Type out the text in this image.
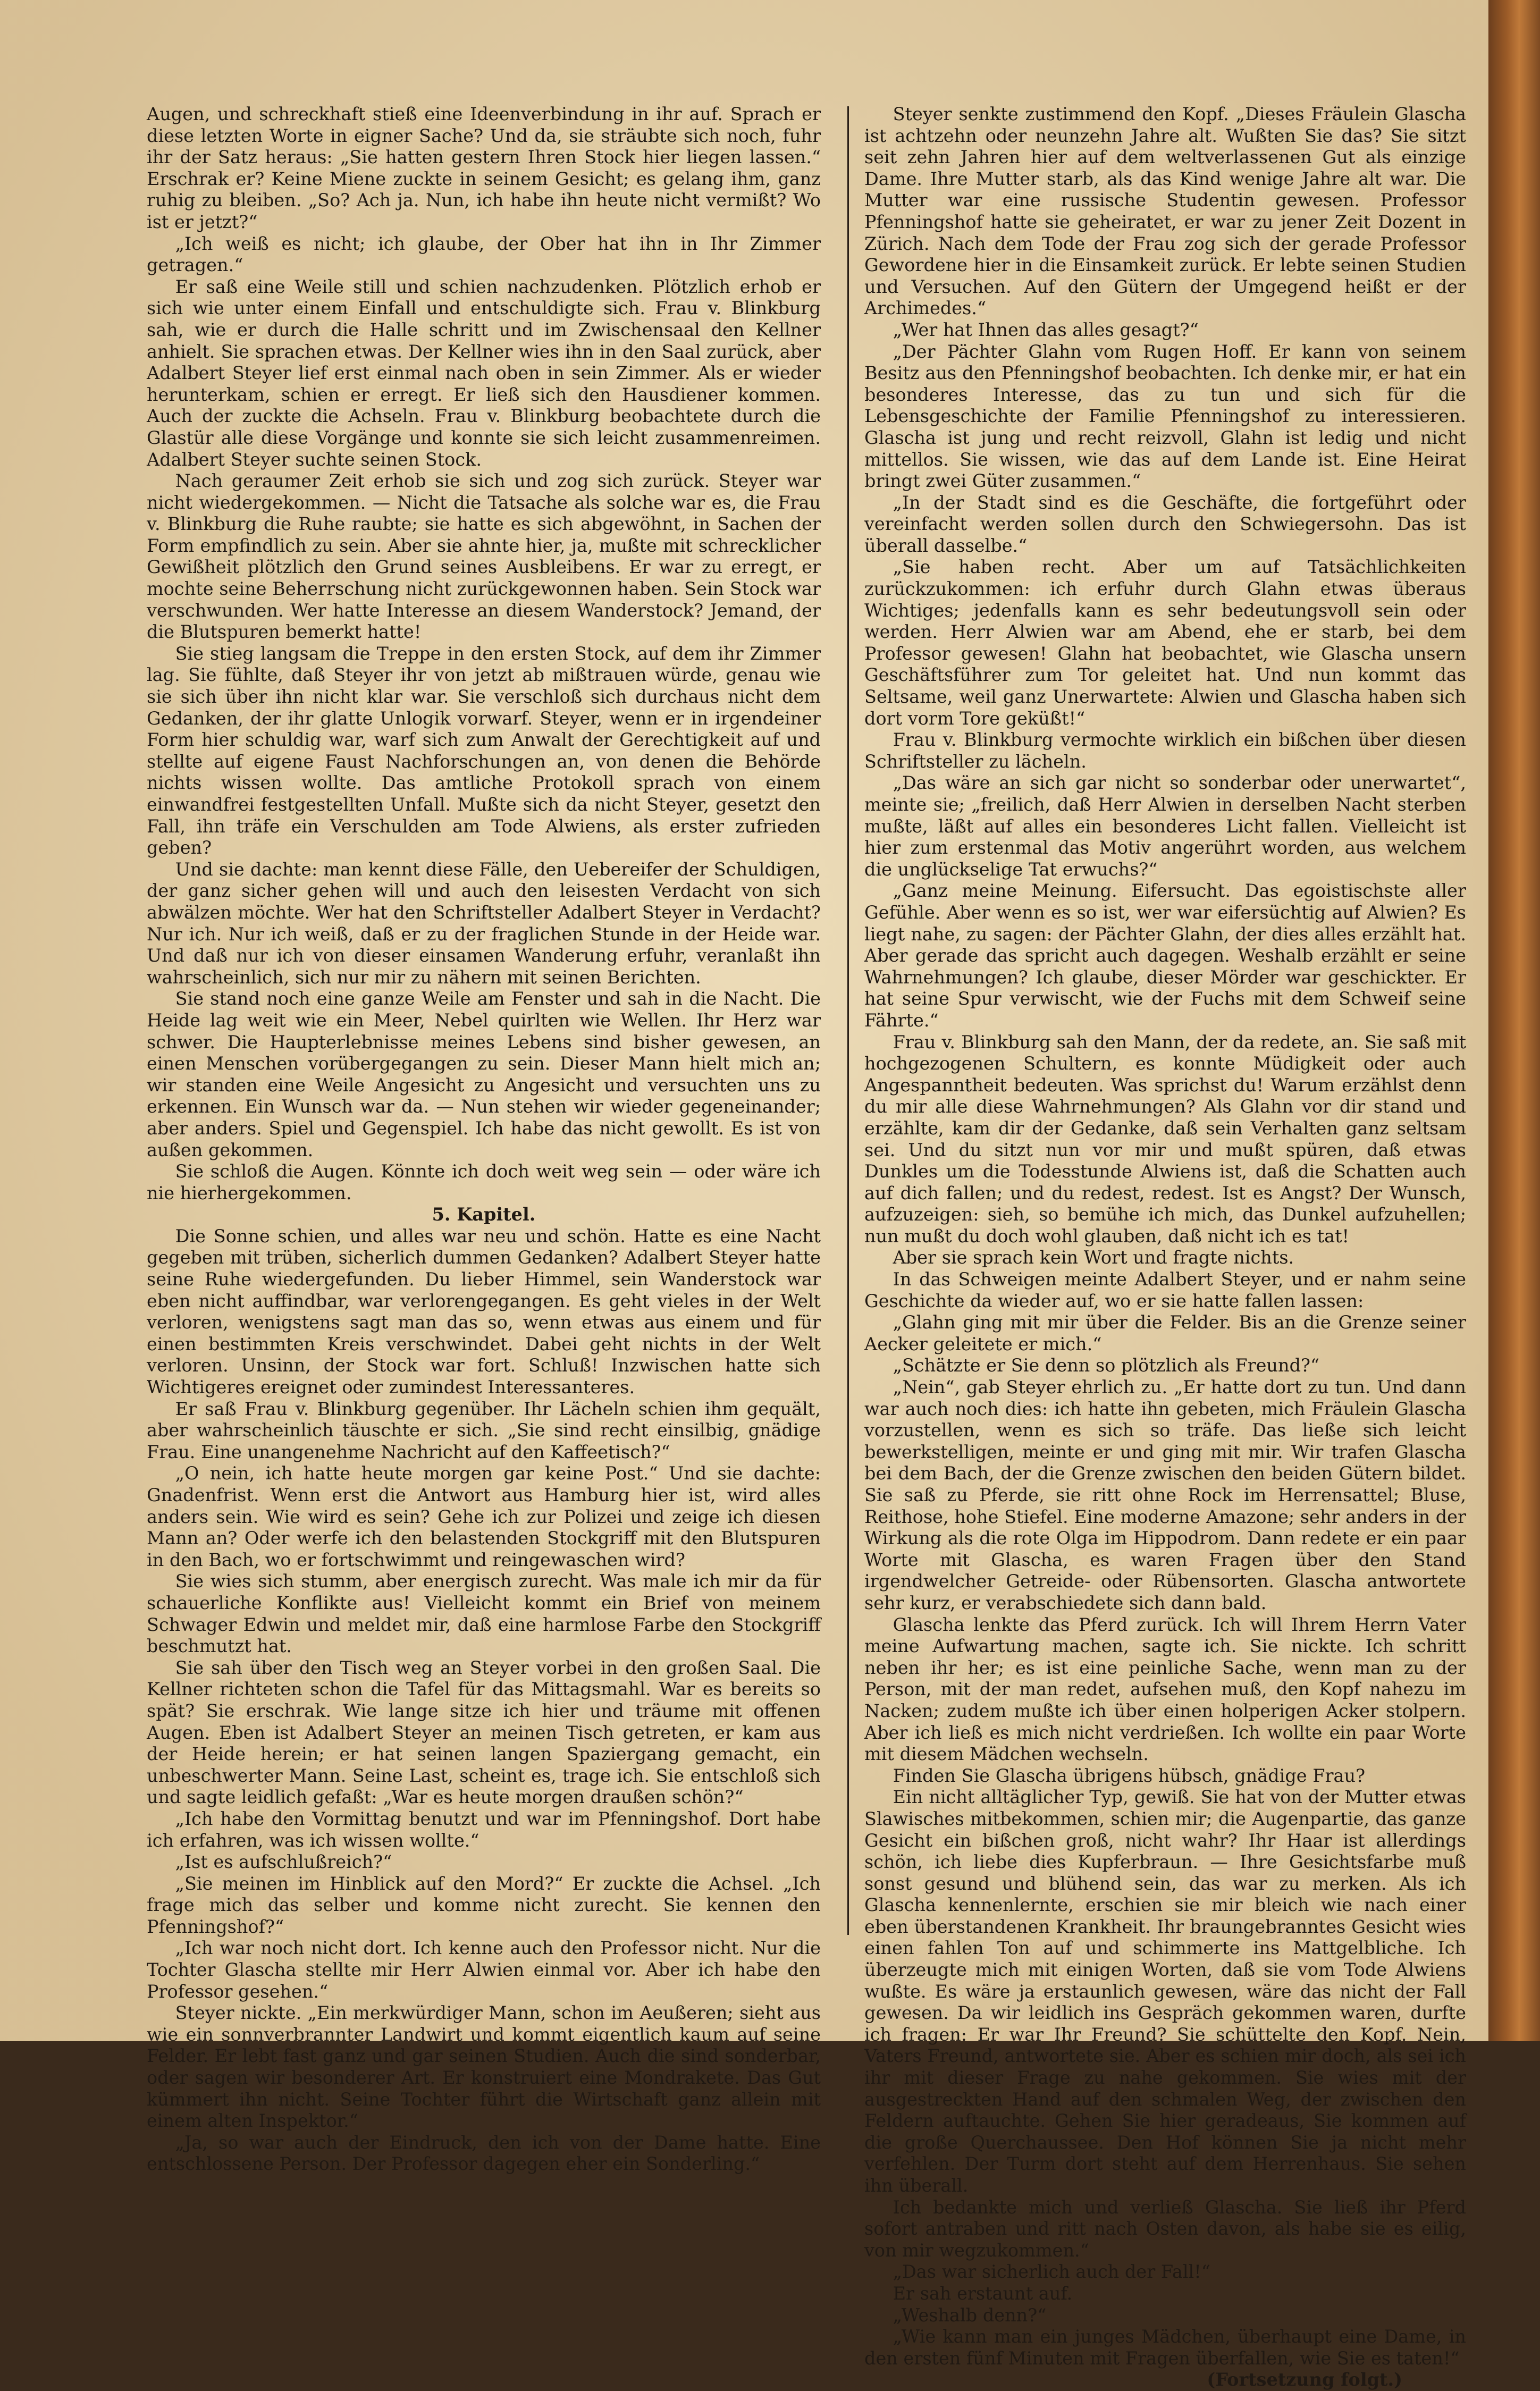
Augen, und schreckhaft stieß eine Ideenverbindung in ihr auf. Sprach er diese letzten Worte in eigner Sache? Und da, sie sträubte sich noch, fuhr ihr der Satz heraus: „Sie hatten gestern Ihren Stock hier liegen lassen.“ Erschrak er? Keine Miene zuckte in seinem Gesicht; es gelang ihm, ganz ruhig zu bleiben. „So? Ach ja. Nun, ich habe ihn heute nicht vermißt? Wo ist er jetzt?“

„Ich weiß es nicht; ich glaube, der Ober hat ihn in Ihr Zimmer getragen.“

Er saß eine Weile still und schien nachzudenken. Plötzlich erhob er sich wie unter einem Einfall und entschuldigte sich. Frau v. Blinkburg sah, wie er durch die Halle schritt und im Zwischensaal den Kellner anhielt. Sie sprachen etwas. Der Kellner wies ihn in den Saal zurück, aber Adalbert Steyer lief erst einmal nach oben in sein Zimmer. Als er wieder herunterkam, schien er erregt. Er ließ sich den Hausdiener kommen. Auch der zuckte die Achseln. Frau v. Blinkburg beobachtete durch die Glastür alle diese Vorgänge und konnte sie sich leicht zusammenreimen. Adalbert Steyer suchte seinen Stock.

Nach geraumer Zeit erhob sie sich und zog sich zurück. Steyer war nicht wiedergekommen. — Nicht die Tatsache als solche war es, die Frau v. Blinkburg die Ruhe raubte; sie hatte es sich abgewöhnt, in Sachen der Form empfindlich zu sein. Aber sie ahnte hier, ja, mußte mit schrecklicher Gewißheit plötzlich den Grund seines Ausbleibens. Er war zu erregt, er mochte seine Beherrschung nicht zurückgewonnen haben. Sein Stock war verschwunden. Wer hatte Interesse an diesem Wanderstock? Jemand, der die Blutspuren bemerkt hatte!

Sie stieg langsam die Treppe in den ersten Stock, auf dem ihr Zimmer lag. Sie fühlte, daß Steyer ihr von jetzt ab mißtrauen würde, genau wie sie sich über ihn nicht klar war. Sie verschloß sich durchaus nicht dem Gedanken, der ihr glatte Unlogik vorwarf. Steyer, wenn er in irgendeiner Form hier schuldig war, warf sich zum Anwalt der Gerechtigkeit auf und stellte auf eigene Faust Nachforschungen an, von denen die Behörde nichts wissen wollte. Das amtliche Protokoll sprach von einem einwandfrei festgestellten Unfall. Mußte sich da nicht Steyer, gesetzt den Fall, ihn träfe ein Verschulden am Tode Alwiens, als erster zufrieden geben?

Und sie dachte: man kennt diese Fälle, den Uebereifer der Schuldigen, der ganz sicher gehen will und auch den leisesten Verdacht von sich abwälzen möchte. Wer hat den Schriftsteller Adalbert Steyer in Verdacht? Nur ich. Nur ich weiß, daß er zu der fraglichen Stunde in der Heide war. Und daß nur ich von dieser einsamen Wanderung erfuhr, veranlaßt ihn wahrscheinlich, sich nur mir zu nähern mit seinen Berichten.

Sie stand noch eine ganze Weile am Fenster und sah in die Nacht. Die Heide lag weit wie ein Meer, Nebel quirlten wie Wellen. Ihr Herz war schwer. Die Haupterlebnisse meines Lebens sind bisher gewesen, an einen Menschen vorübergegangen zu sein. Dieser Mann hielt mich an; wir standen eine Weile Angesicht zu Angesicht und versuchten uns zu erkennen. Ein Wunsch war da. — Nun stehen wir wieder gegeneinander; aber anders. Spiel und Gegenspiel. Ich habe das nicht gewollt. Es ist von außen gekommen.

Sie schloß die Augen. Könnte ich doch weit weg sein — oder wäre ich nie hierhergekommen.

5. Kapitel.

Die Sonne schien, und alles war neu und schön. Hatte es eine Nacht gegeben mit trüben, sicherlich dummen Gedanken? Adalbert Steyer hatte seine Ruhe wiedergefunden. Du lieber Himmel, sein Wanderstock war eben nicht auffindbar, war verlorengegangen. Es geht vieles in der Welt verloren, wenigstens sagt man das so, wenn etwas aus einem und für einen bestimmten Kreis verschwindet. Dabei geht nichts in der Welt verloren. Unsinn, der Stock war fort. Schluß! Inzwischen hatte sich Wichtigeres ereignet oder zumindest Interessanteres.

Er saß Frau v. Blinkburg gegenüber. Ihr Lächeln schien ihm gequält, aber wahrscheinlich täuschte er sich. „Sie sind recht einsilbig, gnädige Frau. Eine unangenehme Nachricht auf den Kaffeetisch?“

„O nein, ich hatte heute morgen gar keine Post.“ Und sie dachte: Gnadenfrist. Wenn erst die Antwort aus Hamburg hier ist, wird alles anders sein. Wie wird es sein? Gehe ich zur Polizei und zeige ich diesen Mann an? Oder werfe ich den belastenden Stockgriff mit den Blutspuren in den Bach, wo er fortschwimmt und reingewaschen wird?

Sie wies sich stumm, aber energisch zurecht. Was male ich mir da für schauerliche Konflikte aus! Vielleicht kommt ein Brief von meinem Schwager Edwin und meldet mir, daß eine harmlose Farbe den Stockgriff beschmutzt hat.

Sie sah über den Tisch weg an Steyer vorbei in den großen Saal. Die Kellner richteten schon die Tafel für das Mittagsmahl. War es bereits so spät? Sie erschrak. Wie lange sitze ich hier und träume mit offenen Augen. Eben ist Adalbert Steyer an meinen Tisch getreten, er kam aus der Heide herein; er hat seinen langen Spaziergang gemacht, ein unbeschwerter Mann. Seine Last, scheint es, trage ich. Sie entschloß sich und sagte leidlich gefaßt: „War es heute morgen draußen schön?“

„Ich habe den Vormittag benutzt und war im Pfenningshof. Dort habe ich erfahren, was ich wissen wollte.“

„Ist es aufschlußreich?“

„Sie meinen im Hinblick auf den Mord?“ Er zuckte die Achsel. „Ich frage mich das selber und komme nicht zurecht. Sie kennen den Pfenningshof?“

„Ich war noch nicht dort. Ich kenne auch den Professor nicht. Nur die Tochter Glascha stellte mir Herr Alwien einmal vor. Aber ich habe den Professor gesehen.“

Steyer nickte. „Ein merkwürdiger Mann, schon im Aeußeren; sieht aus wie ein sonnverbrannter Landwirt und kommt eigentlich kaum auf seine Felder. Er lebt fast ganz und gar seinen Studien. Auch die sind sonderbar, oder sagen wir besonderer Art. Er konstruiert eine Mondrakete. Das Gut kümmert ihn nicht. Seine Tochter führt die Wirtschaft ganz allein mit einem alten Inspektor.“

„Ja, so war auch der Eindruck, den ich von der Dame hatte. Eine entschlossene Person. Der Professor dagegen eher ein Sonderling.“

Steyer senkte zustimmend den Kopf. „Dieses Fräulein Glascha ist achtzehn oder neunzehn Jahre alt. Wußten Sie das? Sie sitzt seit zehn Jahren hier auf dem weltverlassenen Gut als einzige Dame. Ihre Mutter starb, als das Kind wenige Jahre alt war. Die Mutter war eine russische Studentin gewesen. Professor Pfenningshof hatte sie geheiratet, er war zu jener Zeit Dozent in Zürich. Nach dem Tode der Frau zog sich der gerade Professor Gewordene hier in die Einsamkeit zurück. Er lebte seinen Studien und Versuchen. Auf den Gütern der Umgegend heißt er der Archimedes.“

„Wer hat Ihnen das alles gesagt?“

„Der Pächter Glahn vom Rugen Hoff. Er kann von seinem Besitz aus den Pfenningshof beobachten. Ich denke mir, er hat ein besonderes Interesse, das zu tun und sich für die Lebensgeschichte der Familie Pfenningshof zu interessieren. Glascha ist jung und recht reizvoll, Glahn ist ledig und nicht mittellos. Sie wissen, wie das auf dem Lande ist. Eine Heirat bringt zwei Güter zusammen.“

„In der Stadt sind es die Geschäfte, die fortgeführt oder vereinfacht werden sollen durch den Schwiegersohn. Das ist überall dasselbe.“

„Sie haben recht. Aber um auf Tatsächlichkeiten zurückzukommen: ich erfuhr durch Glahn etwas überaus Wichtiges; jedenfalls kann es sehr bedeutungsvoll sein oder werden. Herr Alwien war am Abend, ehe er starb, bei dem Professor gewesen! Glahn hat beobachtet, wie Glascha unsern Geschäftsführer zum Tor geleitet hat. Und nun kommt das Seltsame, weil ganz Unerwartete: Alwien und Glascha haben sich dort vorm Tore geküßt!“

Frau v. Blinkburg vermochte wirklich ein bißchen über diesen Schriftsteller zu lächeln.

„Das wäre an sich gar nicht so sonderbar oder unerwartet“, meinte sie; „freilich, daß Herr Alwien in derselben Nacht sterben mußte, läßt auf alles ein besonderes Licht fallen. Vielleicht ist hier zum erstenmal das Motiv angerührt worden, aus welchem die unglückselige Tat erwuchs?“

„Ganz meine Meinung. Eifersucht. Das egoistischste aller Gefühle. Aber wenn es so ist, wer war eifersüchtig auf Alwien? Es liegt nahe, zu sagen: der Pächter Glahn, der dies alles erzählt hat. Aber gerade das spricht auch dagegen. Weshalb erzählt er seine Wahrnehmungen? Ich glaube, dieser Mörder war geschickter. Er hat seine Spur verwischt, wie der Fuchs mit dem Schweif seine Fährte.“

Frau v. Blinkburg sah den Mann, der da redete, an. Sie saß mit hochgezogenen Schultern, es konnte Müdigkeit oder auch Angespanntheit bedeuten. Was sprichst du! Warum erzählst denn du mir alle diese Wahrnehmungen? Als Glahn vor dir stand und erzählte, kam dir der Gedanke, daß sein Verhalten ganz seltsam sei. Und du sitzt nun vor mir und mußt spüren, daß etwas Dunkles um die Todesstunde Alwiens ist, daß die Schatten auch auf dich fallen; und du redest, redest. Ist es Angst? Der Wunsch, aufzuzeigen: sieh, so bemühe ich mich, das Dunkel aufzuhellen; nun mußt du doch wohl glauben, daß nicht ich es tat!

Aber sie sprach kein Wort und fragte nichts.

In das Schweigen meinte Adalbert Steyer, und er nahm seine Geschichte da wieder auf, wo er sie hatte fallen lassen:

„Glahn ging mit mir über die Felder. Bis an die Grenze seiner Aecker geleitete er mich.“

„Schätzte er Sie denn so plötzlich als Freund?“

„Nein“, gab Steyer ehrlich zu. „Er hatte dort zu tun. Und dann war auch noch dies: ich hatte ihn gebeten, mich Fräulein Glascha vorzustellen, wenn es sich so träfe. Das ließe sich leicht bewerkstelligen, meinte er und ging mit mir. Wir trafen Glascha bei dem Bach, der die Grenze zwischen den beiden Gütern bildet. Sie saß zu Pferde, sie ritt ohne Rock im Herrensattel; Bluse, Reithose, hohe Stiefel. Eine moderne Amazone; sehr anders in der Wirkung als die rote Olga im Hippodrom. Dann redete er ein paar Worte mit Glascha, es waren Fragen über den Stand irgendwelcher Getreide- oder Rübensorten. Glascha antwortete sehr kurz, er verabschiedete sich dann bald.

Glascha lenkte das Pferd zurück. Ich will Ihrem Herrn Vater meine Aufwartung machen, sagte ich. Sie nickte. Ich schritt neben ihr her; es ist eine peinliche Sache, wenn man zu der Person, mit der man redet, aufsehen muß, den Kopf nahezu im Nacken; zudem mußte ich über einen holperigen Acker stolpern. Aber ich ließ es mich nicht verdrießen. Ich wollte ein paar Worte mit diesem Mädchen wechseln.

Finden Sie Glascha übrigens hübsch, gnädige Frau?

Ein nicht alltäglicher Typ, gewiß. Sie hat von der Mutter etwas Slawisches mitbekommen, schien mir; die Augenpartie, das ganze Gesicht ein bißchen groß, nicht wahr? Ihr Haar ist allerdings schön, ich liebe dies Kupferbraun. — Ihre Gesichtsfarbe muß sonst gesund und blühend sein, das war zu merken. Als ich Glascha kennenlernte, erschien sie mir bleich wie nach einer eben überstandenen Krankheit. Ihr braungebranntes Gesicht wies einen fahlen Ton auf und schimmerte ins Mattgelbliche. Ich überzeugte mich mit einigen Worten, daß sie vom Tode Alwiens wußte. Es wäre ja erstaunlich gewesen, wäre das nicht der Fall gewesen. Da wir leidlich ins Gespräch gekommen waren, durfte ich fragen: Er war Ihr Freund? Sie schüttelte den Kopf. Nein, Vaters Freund, antwortete sie. Aber es schien mir doch, als sei ich ihr mit dieser Frage zu nahe gekommen. Sie wies mit der ausgestreckten Hand auf den schmalen Weg, der zwischen den Feldern auftauchte. Gehen Sie hier geradeaus, Sie kommen auf die große Querchaussee. Den Hof können Sie ja nicht mehr verfehlen. Der Turm dort steht auf dem Herrenhaus. Sie sehen ihn überall.

Ich bedankte mich und verließ Glascha. Sie ließ ihr Pferd sofort antraben und ritt nach Osten davon, als habe sie es eilig, von mir wegzukommen.“

„Das war sicherlich auch der Fall!“

Er sah erstaunt auf.

„Weshalb denn?“

„Wie kann man ein junges Mädchen, überhaupt eine Dame, in den ersten fünf Minuten mit Fragen überfallen, wie Sie es taten!“

(Fortsetzung folgt.)
